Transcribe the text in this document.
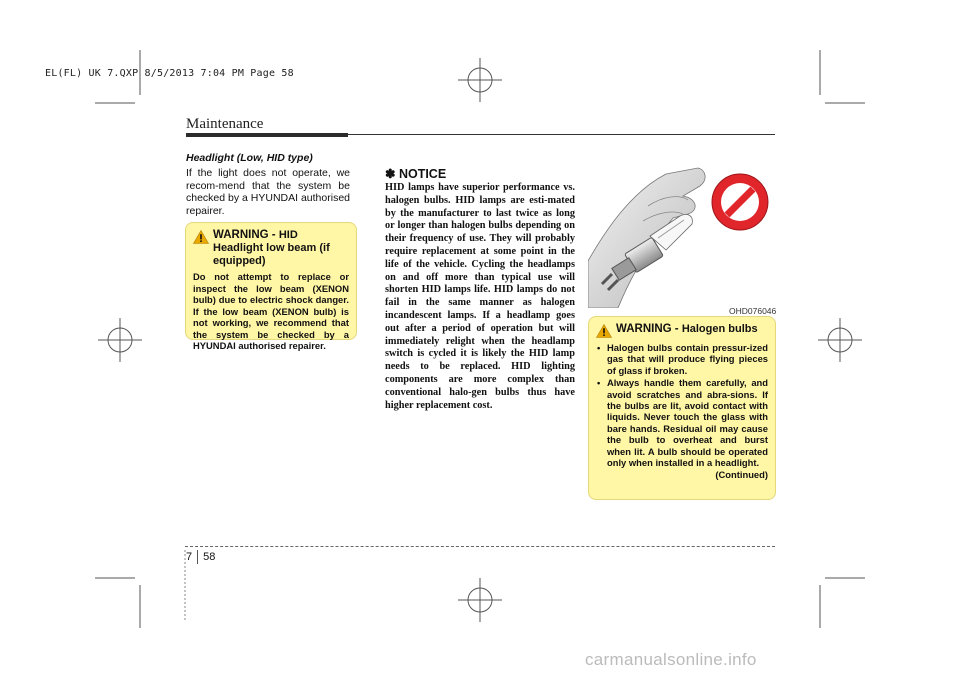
EL(FL) UK 7.QXP 8/5/2013 7:04 PM Page 58
Maintenance
Headlight (Low, HID type)
If the light does not operate, we recom-mend that the system be checked by a HYUNDAI authorised repairer.
WARNING - HID Headlight low beam (if equipped)
Do not attempt to replace or inspect the low beam (XENON bulb) due to electric shock danger. If the low beam (XENON bulb) is not working, we recommend that the system be checked by a HYUNDAI authorised repairer.
✽ NOTICE
HID lamps have superior performance vs. halogen bulbs. HID lamps are esti-mated by the manufacturer to last twice as long or longer than halogen bulbs depending on their frequency of use. They will probably require replacement at some point in the life of the vehicle. Cycling the headlamps on and off more than typical use will shorten HID lamps life. HID lamps do not fail in the same manner as halogen incandescent lamps. If a headlamp goes out after a period of operation but will immediately relight when the headlamp switch is cycled it is likely the HID lamp needs to be replaced. HID lighting components are more complex than conventional halo-gen bulbs thus have higher replacement cost.
OHD076046
WARNING - Halogen bulbs
• Halogen bulbs contain pressur-ized gas that will produce flying pieces of glass if broken.
• Always handle them carefully, and avoid scratches and abra-sions. If the bulbs are lit, avoid contact with liquids. Never touch the glass with bare hands. Residual oil may cause the bulb to overheat and burst when lit. A bulb should be operated only when installed in a headlight.
(Continued)
7 58
carmanualsonline.info
